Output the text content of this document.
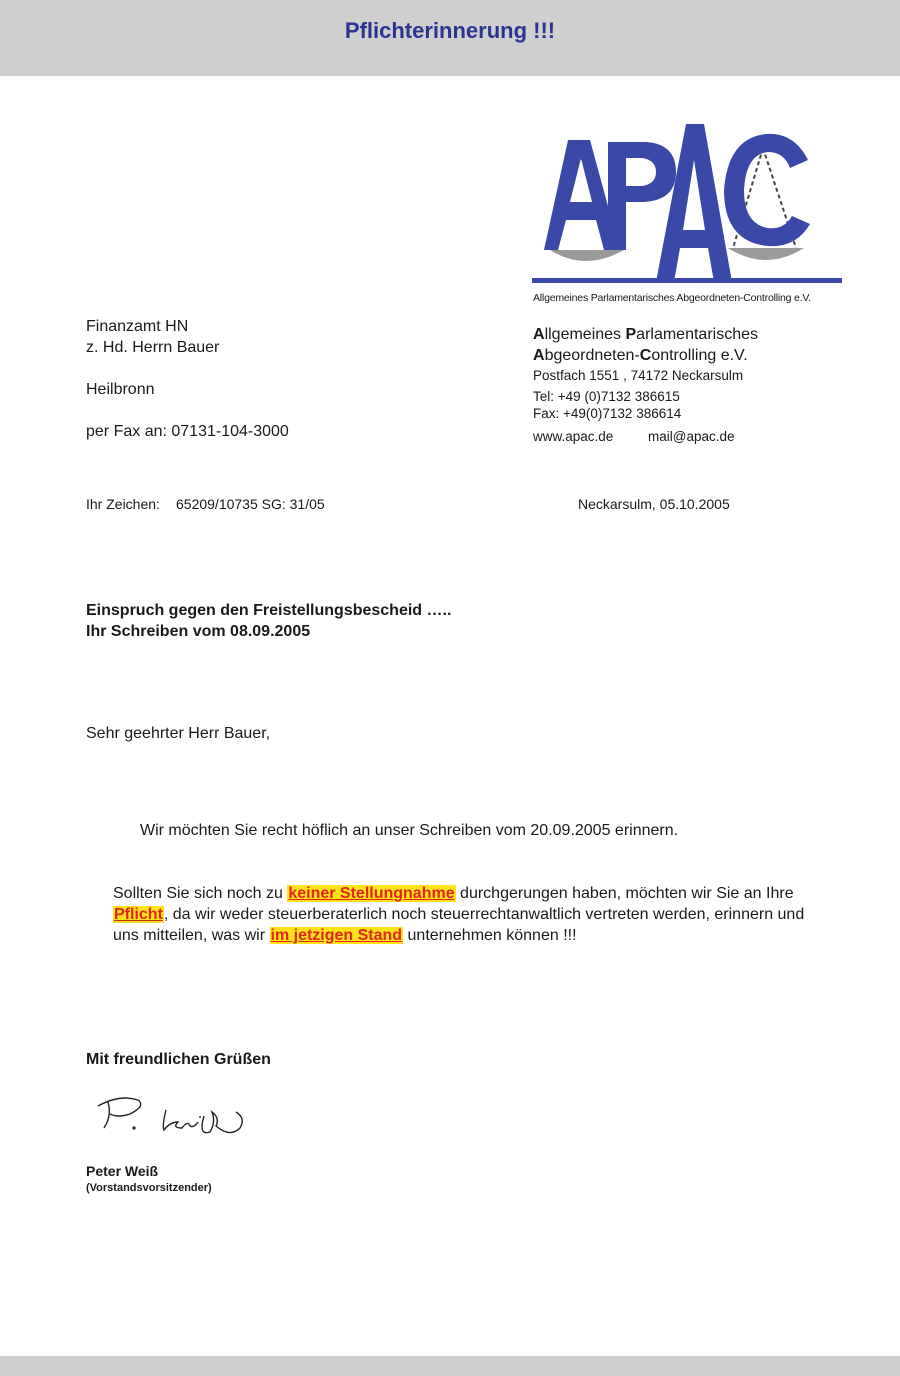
Pflichterinnerung !!!
Allgemeines Parlamentarisches Abgeordneten-Controlling e.V.
Finanzamt HN
z. Hd. Herrn Bauer
Heilbronn
per Fax an: 07131-104-3000
Allgemeines Parlamentarisches
Abgeordneten-Controlling e.V.
Postfach 1551 , 74172 Neckarsulm
Tel: +49 (0)7132 386615
Fax: +49(0)7132 386614
www.apac.de	mail@apac.de
Ihr Zeichen: 65209/10735 SG: 31/05	Neckarsulm, 05.10.2005
Einspruch gegen den Freistellungsbescheid …..
Ihr Schreiben vom 08.09.2005
Sehr geehrter Herr Bauer,
Wir möchten Sie recht höflich an unser Schreiben vom 20.09.2005 erinnern.
Sollten Sie sich noch zu keiner Stellungnahme durchgerungen haben, möchten wir Sie an Ihre Pflicht, da wir weder steuerberaterlich noch steuerrechtanwaltlich vertreten werden, erinnern und uns mitteilen, was wir im jetzigen Stand unternehmen können !!!
Mit freundlichen Grüßen
Peter Weiß
(Vorstandsvorsitzender)
